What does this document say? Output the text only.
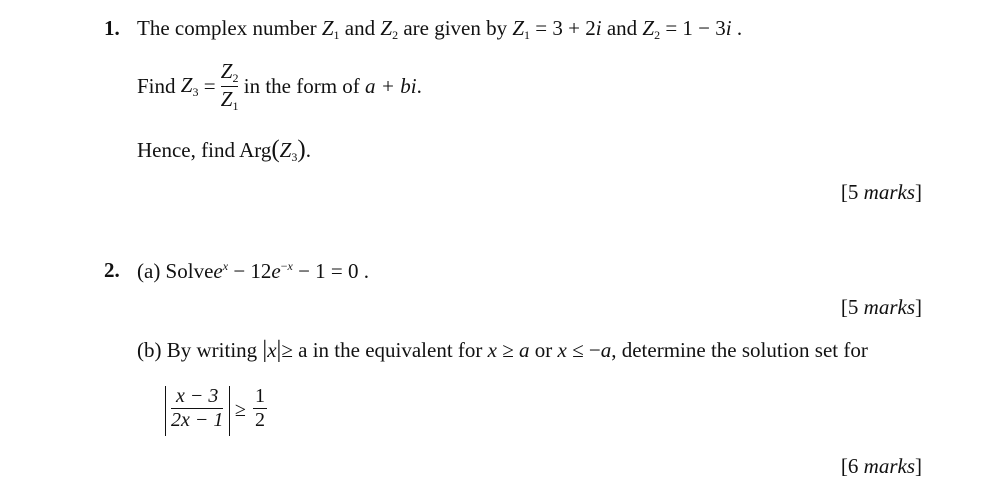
1. The complex number $Z_1$ and $Z_2$ are given by $Z_1 = 3 + 2i$ and $Z_2 = 1 - 3i$ .
Find $Z_3 = \frac{Z_2}{Z_1}$ in the form of a + bi.
Hence, find $Arg(Z_3)$.
[5 marks]
2. (a) Solvee$^x$ − $12e^{-x} - 1 = 0$ .
[5 marks]
(b) By writing |x|≥ a in the equivalent for x ≥ a or x ≤ −a, determine the solution set for
x − 3
2x − 1 ≥
1
2
[6 marks]
